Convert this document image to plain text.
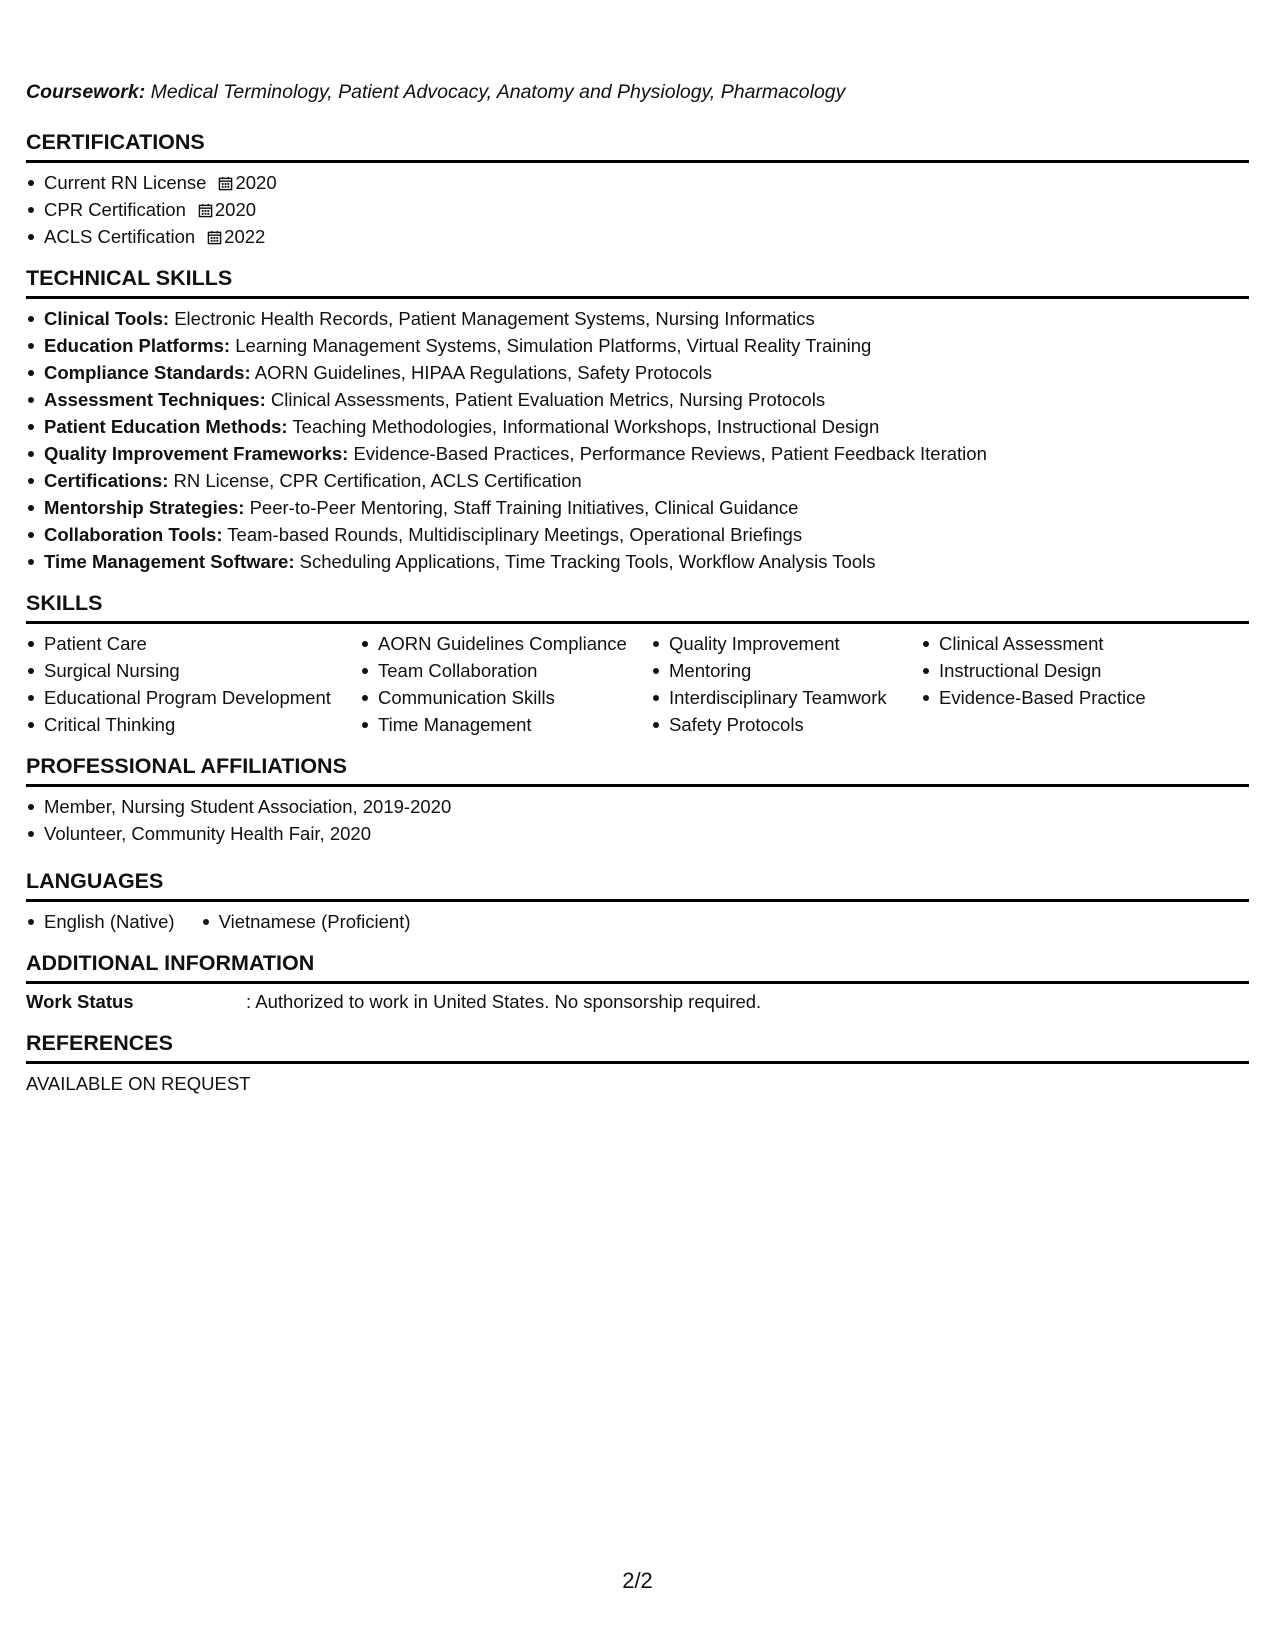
Coursework: Medical Terminology, Patient Advocacy, Anatomy and Physiology, Pharmacology

CERTIFICATIONS
Current RN License 2020
CPR Certification 2020
ACLS Certification 2022
TECHNICAL SKILLS
Clinical Tools: Electronic Health Records, Patient Management Systems, Nursing Informatics
Education Platforms: Learning Management Systems, Simulation Platforms, Virtual Reality Training
Compliance Standards: AORN Guidelines, HIPAA Regulations, Safety Protocols
Assessment Techniques: Clinical Assessments, Patient Evaluation Metrics, Nursing Protocols
Patient Education Methods: Teaching Methodologies, Informational Workshops, Instructional Design
Quality Improvement Frameworks: Evidence-Based Practices, Performance Reviews, Patient Feedback Iteration
Certifications: RN License, CPR Certification, ACLS Certification
Mentorship Strategies: Peer-to-Peer Mentoring, Staff Training Initiatives, Clinical Guidance
Collaboration Tools: Team-based Rounds, Multidisciplinary Meetings, Operational Briefings
Time Management Software: Scheduling Applications, Time Tracking Tools, Workflow Analysis Tools
SKILLS
Patient Care
Surgical Nursing
Educational Program Development
Critical Thinking
AORN Guidelines Compliance
Team Collaboration
Communication Skills
Time Management
Quality Improvement
Mentoring
Interdisciplinary Teamwork
Safety Protocols
Clinical Assessment
Instructional Design
Evidence-Based Practice
PROFESSIONAL AFFILIATIONS
Member, Nursing Student Association, 2019-2020
Volunteer, Community Health Fair, 2020
LANGUAGES
English (Native)	Vietnamese (Proficient)
ADDITIONAL INFORMATION
Work Status	: Authorized to work in United States. No sponsorship required.
REFERENCES
AVAILABLE ON REQUEST
2/2
